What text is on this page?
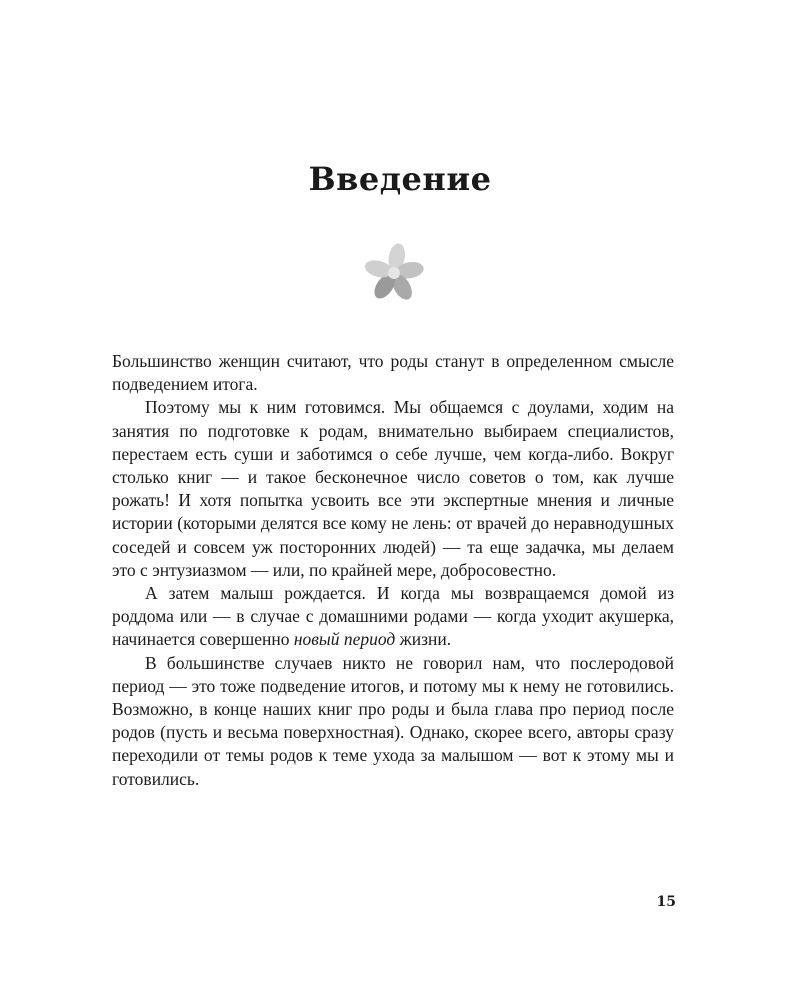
Введение

Большинство женщин считают, что роды станут в определенном смысле подведением итога.

Поэтому мы к ним готовимся. Мы общаемся с доулами, ходим на занятия по подготовке к родам, внимательно выбираем специалистов, перестаем есть суши и заботимся о себе лучше, чем когда-либо. Вокруг столько книг — и такое бесконечное число советов о том, как лучше рожать! И хотя попытка усвоить все эти экспертные мнения и личные истории (которыми делятся все кому не лень: от врачей до неравнодушных соседей и совсем уж посторонних людей) — та еще задачка, мы делаем это с энтузиазмом — или, по крайней мере, добросовестно.

А затем малыш рождается. И когда мы возвращаемся домой из роддома или — в случае с домашними родами — когда уходит акушерка, начинается совершенно новый период жизни.

В большинстве случаев никто не говорил нам, что послеродовой период — это тоже подведение итогов, и потому мы к нему не готовились. Возможно, в конце наших книг про роды и была глава про период после родов (пусть и весьма поверхностная). Однако, скорее всего, авторы сразу переходили от темы родов к теме ухода за малышом — вот к этому мы и готовились.

15
